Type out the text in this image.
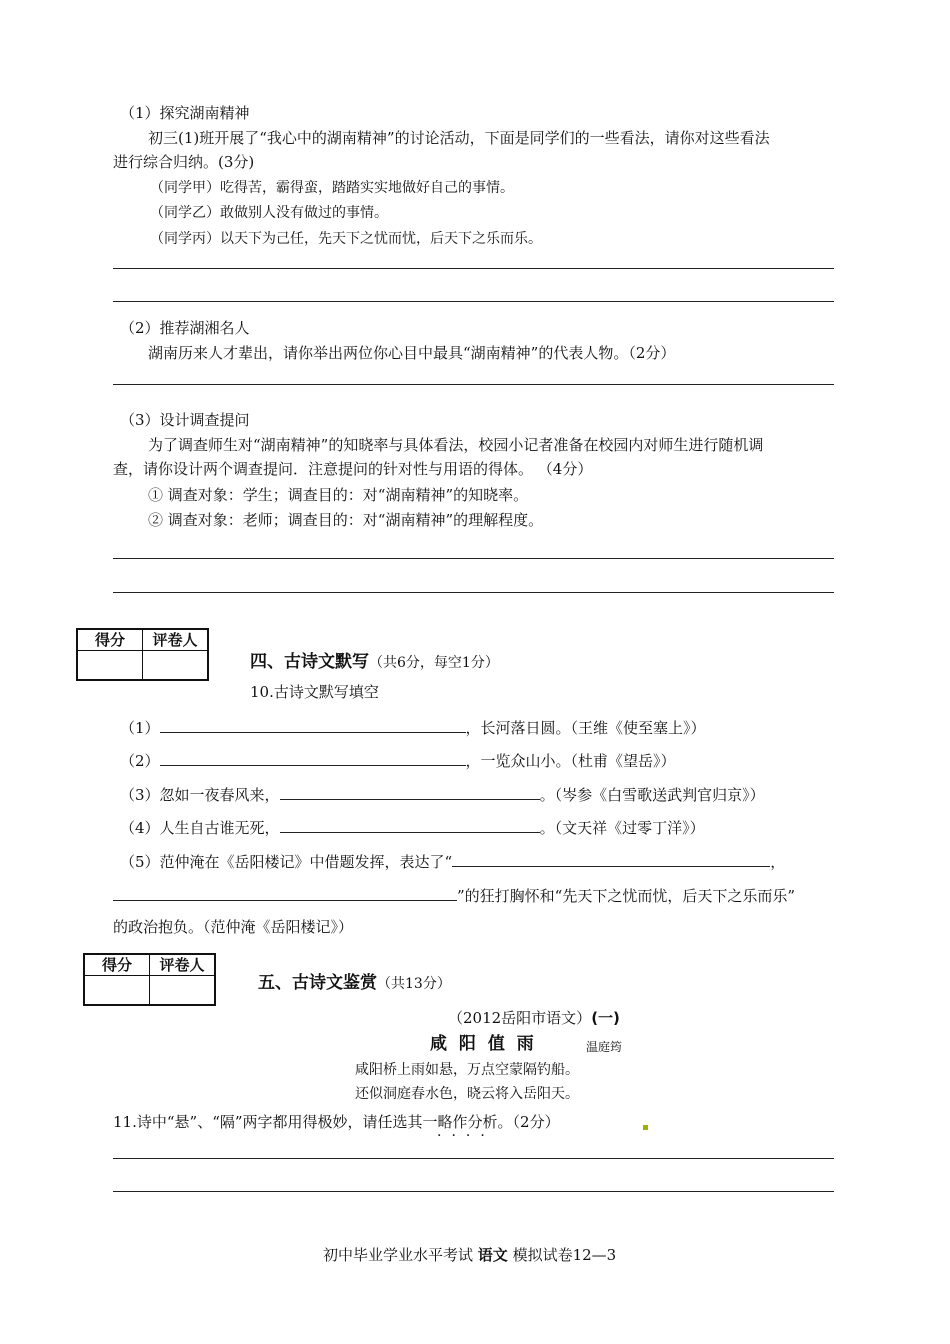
（1）探究湖南精神
初三(1)班开展了“我心中的湖南精神”的讨论活动，下面是同学们的一些看法，请你对这些看法
进行综合归纳。(3分)
（同学甲）吃得苦，霸得蛮，踏踏实实地做好自己的事情。
（同学乙）敢做别人没有做过的事情。
（同学丙）以天下为己任，先天下之忧而忧，后天下之乐而乐。
（2）推荐湖湘名人
湖南历来人才辈出，请你举出两位你心目中最具“湖南精神”的代表人物。（2分）
（3）设计调查提问
为了调查师生对“湖南精神”的知晓率与具体看法，校园小记者准备在校园内对师生进行随机调
查，请你设计两个调查提问．注意提问的针对性与用语的得体。 （4分）
① 调查对象：学生；调查目的：对“湖南精神”的知晓率。
② 调查对象：老师；调查目的：对“湖南精神”的理解程度。
得分	评卷人

四、古诗文默写（共6分，每空1分）
10.古诗文默写填空
（1）	，长河落日圆。（王维《使至塞上》）
（2）	，一览众山小。（杜甫《望岳》）
（3）忽如一夜春风来，	。（岑参《白雪歌送武判官归京》）
（4）人生自古谁无死，	。（文天祥《过零丁洋》）
（5）范仲淹在《岳阳楼记》中借题发挥，表达了“	，
”的狂打胸怀和“先天下之忧而忧，后天下之乐而乐”
的政治抱负。（范仲淹《岳阳楼记》）
得分	评卷人

五、古诗文鉴赏（共13分）
（2012岳阳市语文）(一)
咸 阳 值 雨	温庭筠
咸阳桥上雨如悬，万点空蒙隔钓船。
还似洞庭春水色，晓云将入岳阳天。
11.诗中“悬”、“隔”两字都用得极妙，请任选其一略作分析。（2分）
····
初中毕业学业水平考试 语文 模拟试卷12—3
